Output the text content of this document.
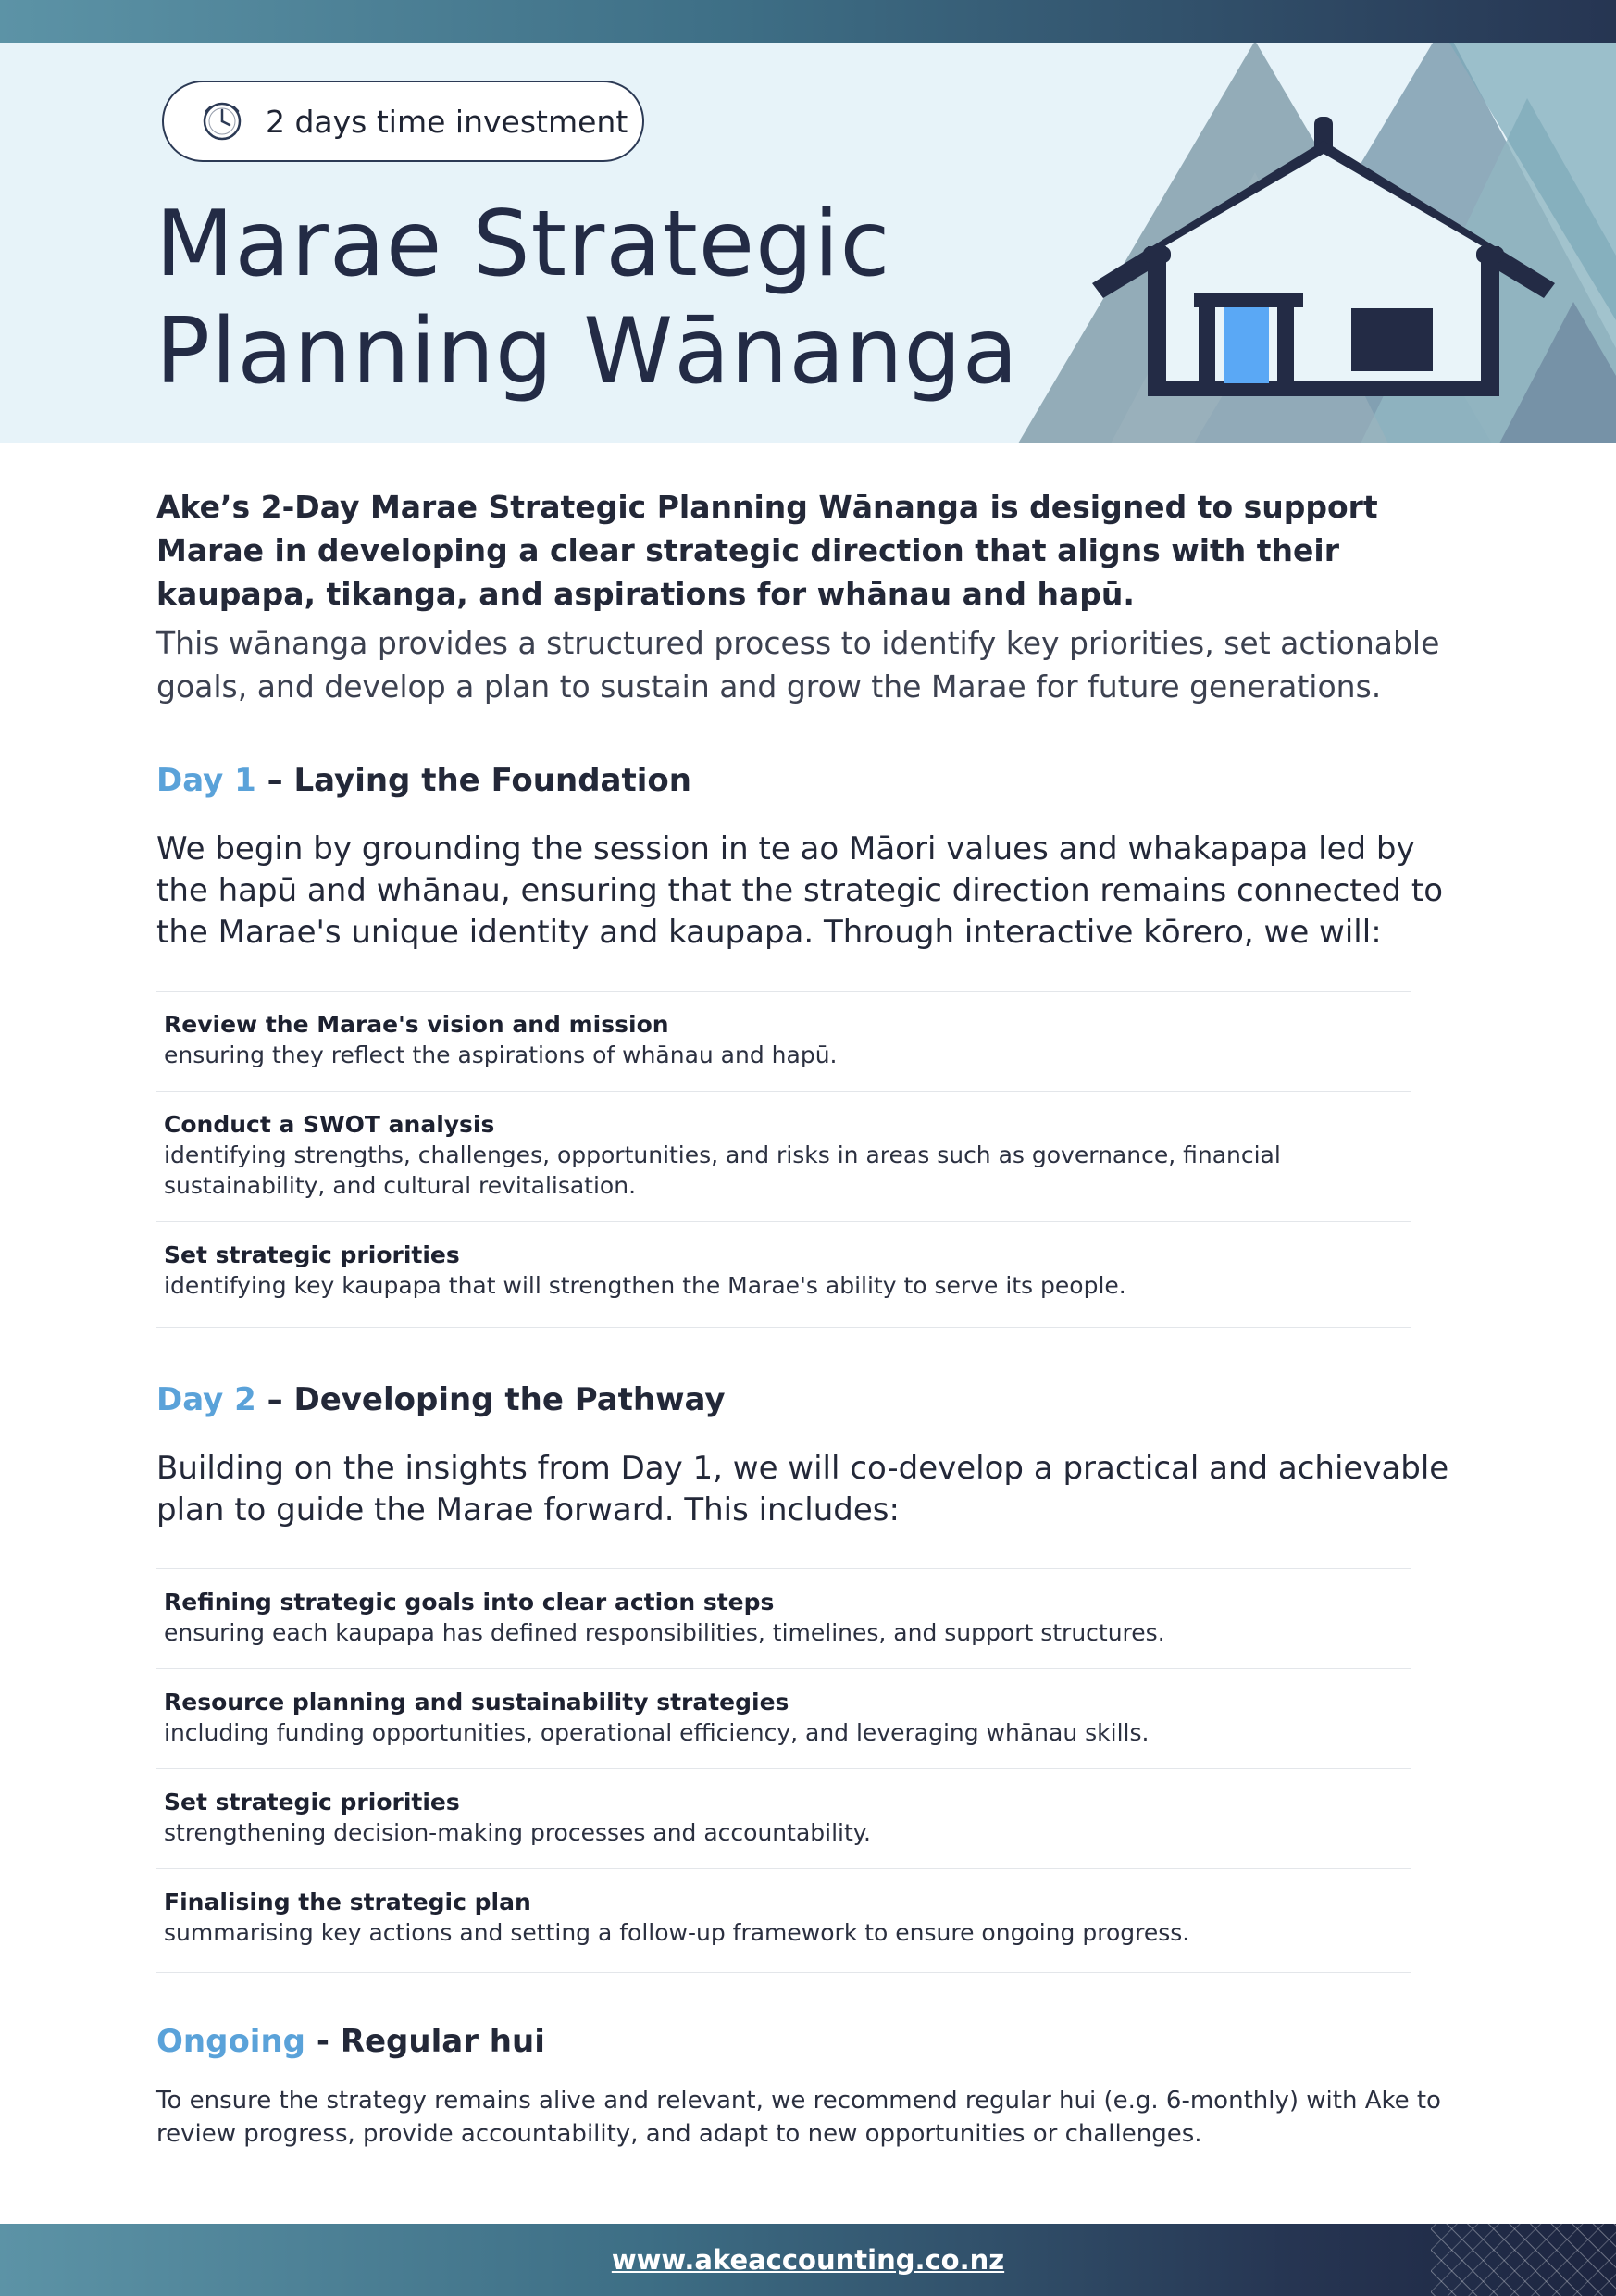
2 days time investment
Marae Strategic
Planning Wānanga

Ake’s 2-Day Marae Strategic Planning Wānanga is designed to support Marae in developing a clear strategic direction that aligns with their kaupapa, tikanga, and aspirations for whānau and hapū.

This wānanga provides a structured process to identify key priorities, set actionable goals, and develop a plan to sustain and grow the Marae for future generations.

Day 1 – Laying the Foundation

We begin by grounding the session in te ao Māori values and whakapapa led by the hapū and whānau, ensuring that the strategic direction remains connected to the Marae's unique identity and kaupapa. Through interactive kōrero, we will:

Review the Marae's vision and mission
ensuring they reflect the aspirations of whānau and hapū.
Conduct a SWOT analysis
identifying strengths, challenges, opportunities, and risks in areas such as governance, financial sustainability, and cultural revitalisation.
Set strategic priorities
identifying key kaupapa that will strengthen the Marae's ability to serve its people.
Day 2 – Developing the Pathway

Building on the insights from Day 1, we will co-develop a practical and achievable plan to guide the Marae forward. This includes:

Refining strategic goals into clear action steps
ensuring each kaupapa has defined responsibilities, timelines, and support structures.
Resource planning and sustainability strategies
including funding opportunities, operational efficiency, and leveraging whānau skills.
Set strategic priorities
strengthening decision-making processes and accountability.
Finalising the strategic plan
summarising key actions and setting a follow-up framework to ensure ongoing progress.
Ongoing - Regular hui

To ensure the strategy remains alive and relevant, we recommend regular hui (e.g. 6-monthly) with Ake to review progress, provide accountability, and adapt to new opportunities or challenges.

www.akeaccounting.co.nz
